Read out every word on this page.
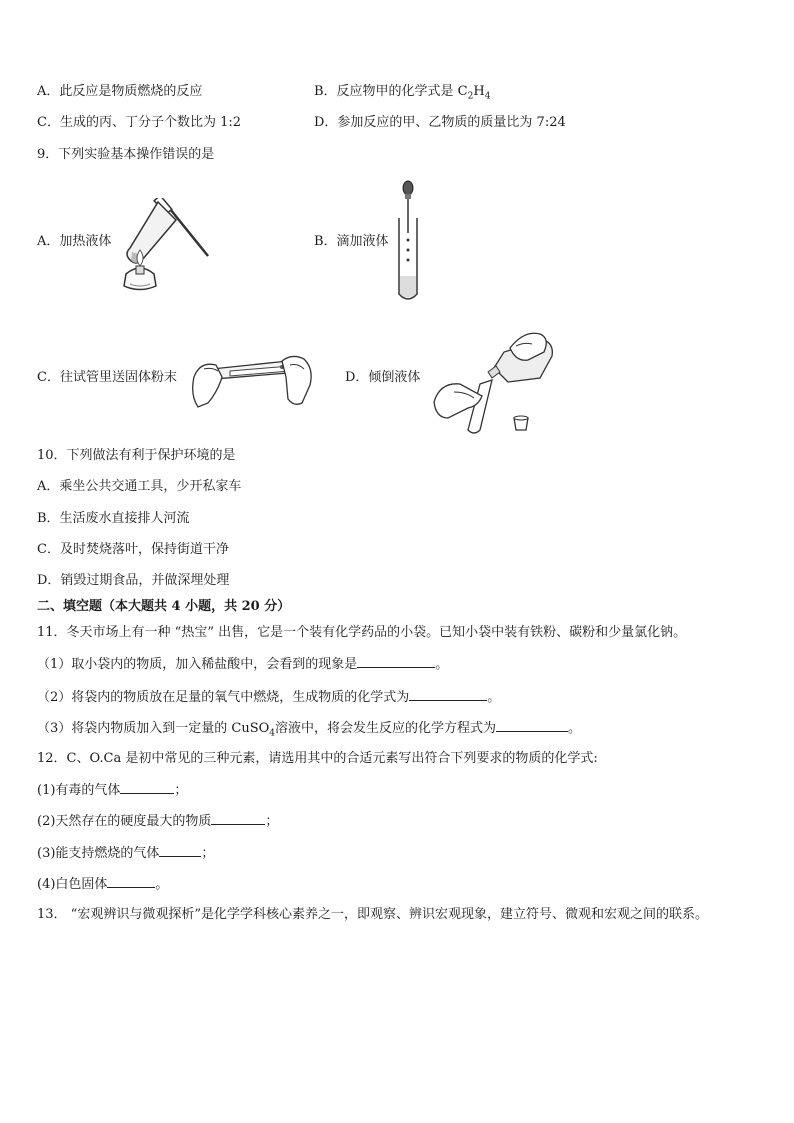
A．此反应是物质燃烧的反应	B．反应物甲的化学式是 $C_2H_4$
C．生成的丙、丁分子个数比为 1:2	D．参加反应的甲、乙物质的质量比为 7:24
9．下列实验基本操作错误的是
A．加热液体	B．滴加液体
C．往试管里送固体粉末	D．倾倒液体
10．下列做法有利于保护环境的是
A．乘坐公共交通工具，少开私家车
B．生活废水直接排人河流
C．及时焚烧落叶，保持街道干净
D．销毁过期食品，并做深埋处理
二、填空题（本大题共 4 小题，共 20 分）
11．冬天市场上有一种 “热宝” 出售，它是一个装有化学药品的小袋。已知小袋中装有铁粉、碳粉和少量氯化钠。
（1）取小袋内的物质，加入稀盐酸中，会看到的现象是	。
（2）将袋内的物质放在足量的氧气中燃烧，生成物质的化学式为	。
（3）将袋内物质加入到一定量的 CuSO$_4$溶液中，将会发生反应的化学方程式为	。
12．C、O.Ca 是初中常见的三种元素，请选用其中的合适元素写出符合下列要求的物质的化学式:
(1)有毒的气体	；
(2)天然存在的硬度最大的物质	；
(3)能支持燃烧的气体	；
(4)白色固体	。
13． “宏观辨识与微观探析”是化学学科核心素养之一，即观察、辨识宏观现象，建立符号、微观和宏观之间的联系。
